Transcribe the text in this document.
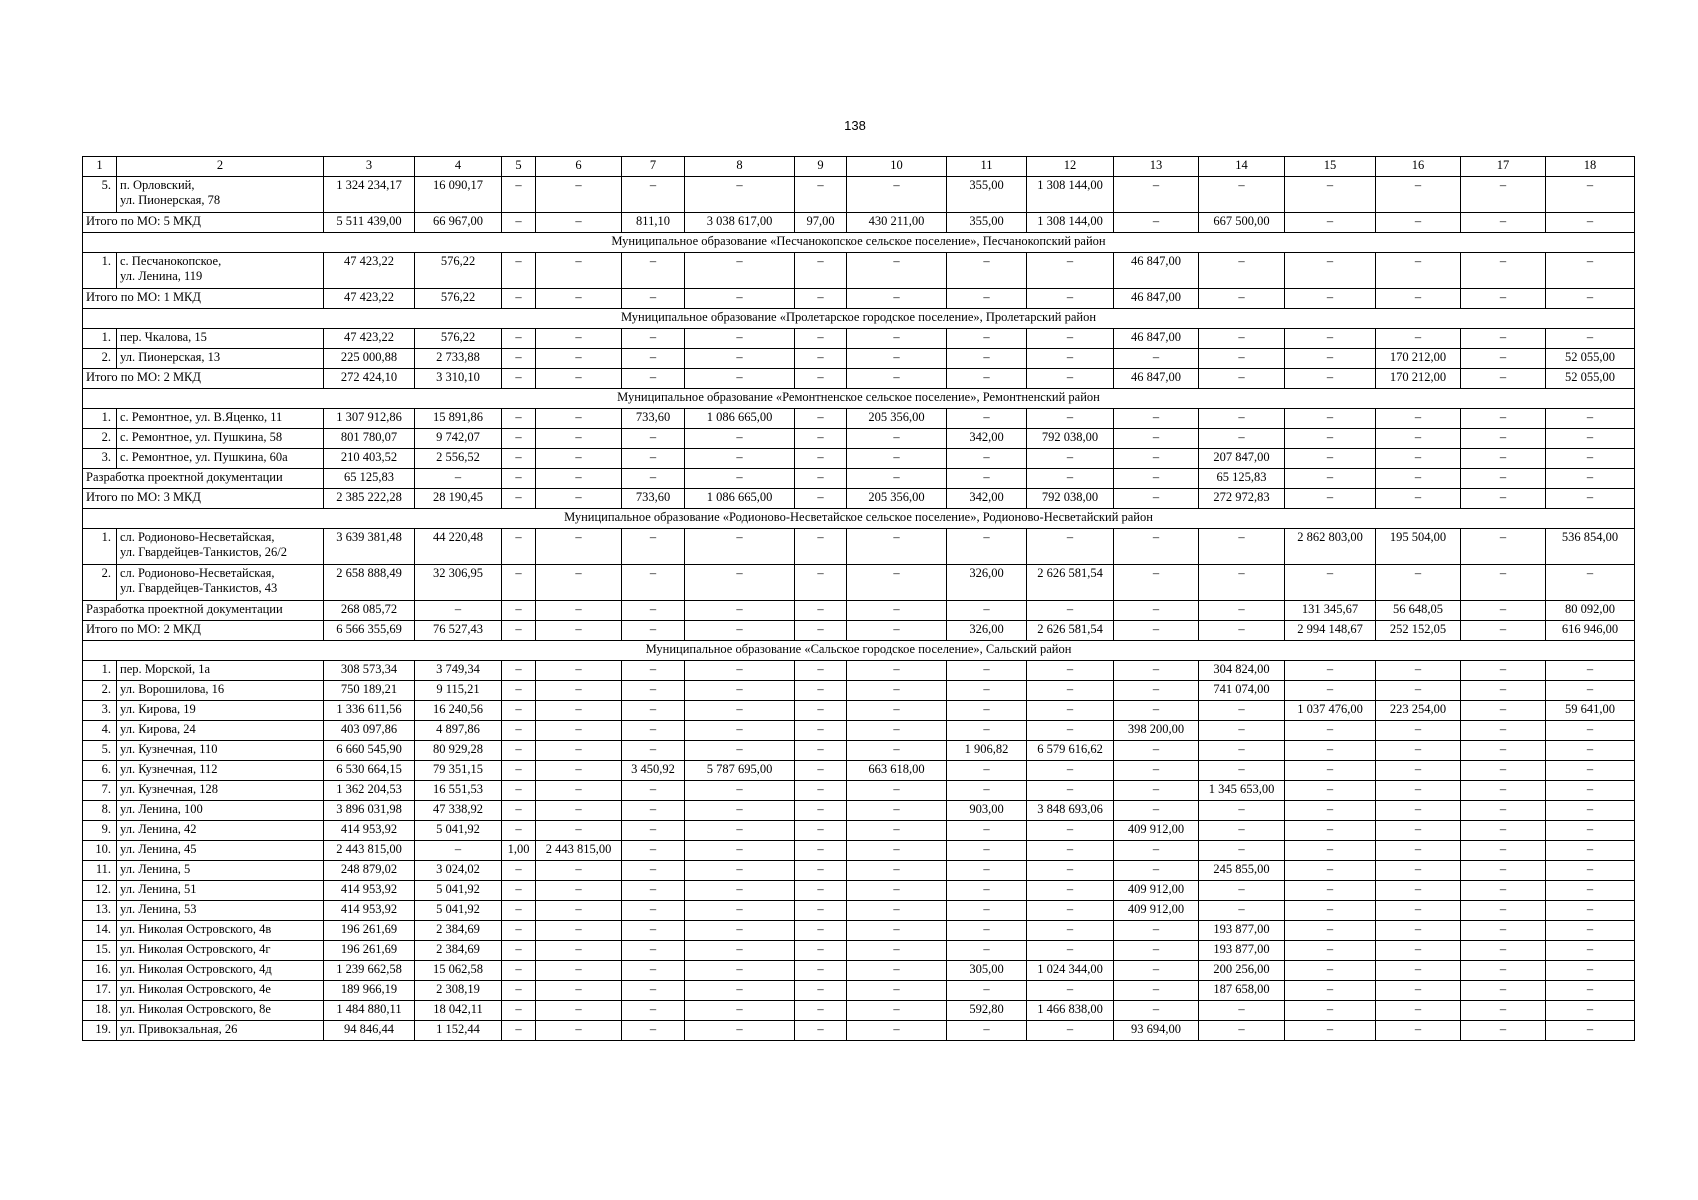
138
1	2	3	4	5	6	7	8	9	10	11	12	13	14	15	16	17	18
5.	п. Орловский,
ул. Пионерская, 78	1 324 234,17	16 090,17	–	–	–	–	–	–	355,00	1 308 144,00	–	–	–	–	–	–
Итого по МО: 5 МКД		5 511 439,00	66 967,00	–	–	811,10	3 038 617,00	97,00	430 211,00	355,00	1 308 144,00	–	667 500,00	–	–	–	–
Муниципальное образование «Песчанокопское сельское поселение», Песчанокопский район																	
1.	с. Песчанокопское,
ул. Ленина, 119	47 423,22	576,22	–	–	–	–	–	–	–	–	46 847,00	–	–	–	–	–
Итого по МО: 1 МКД		47 423,22	576,22	–	–	–	–	–	–	–	–	46 847,00	–	–	–	–	–
Муниципальное образование «Пролетарское городское поселение», Пролетарский район																	
1.	пер. Чкалова, 15	47 423,22	576,22	–	–	–	–	–	–	–	–	46 847,00	–	–	–	–	–
2.	ул. Пионерская, 13	225 000,88	2 733,88	–	–	–	–	–	–	–	–	–	–	–	170 212,00	–	52 055,00
Итого по МО: 2 МКД		272 424,10	3 310,10	–	–	–	–	–	–	–	–	46 847,00	–	–	170 212,00	–	52 055,00
Муниципальное образование «Ремонтненское сельское поселение», Ремонтненский район																	
1.	с. Ремонтное, ул. В.Яценко, 11	1 307 912,86	15 891,86	–	–	733,60	1 086 665,00	–	205 356,00	–	–	–	–	–	–	–	–
2.	с. Ремонтное, ул. Пушкина, 58	801 780,07	9 742,07	–	–	–	–	–	–	342,00	792 038,00	–	–	–	–	–	–
3.	с. Ремонтное, ул. Пушкина, 60а	210 403,52	2 556,52	–	–	–	–	–	–	–	–	–	207 847,00	–	–	–	–
Разработка проектной документации		65 125,83	–	–	–	–	–	–	–	–	–	–	65 125,83	–	–	–	–
Итого по МО: 3 МКД		2 385 222,28	28 190,45	–	–	733,60	1 086 665,00	–	205 356,00	342,00	792 038,00	–	272 972,83	–	–	–	–
Муниципальное образование «Родионово-Несветайское сельское поселение», Родионово-Несветайский район																	
1.	сл. Родионово-Несветайская,
ул. Гвардейцев-Танкистов, 26/2	3 639 381,48	44 220,48	–	–	–	–	–	–	–	–	–	–	2 862 803,00	195 504,00	–	536 854,00
2.	сл. Родионово-Несветайская,
ул. Гвардейцев-Танкистов, 43	2 658 888,49	32 306,95	–	–	–	–	–	–	326,00	2 626 581,54	–	–	–	–	–	–
Разработка проектной документации		268 085,72	–	–	–	–	–	–	–	–	–	–	–	131 345,67	56 648,05	–	80 092,00
Итого по МО: 2 МКД		6 566 355,69	76 527,43	–	–	–	–	–	–	326,00	2 626 581,54	–	–	2 994 148,67	252 152,05	–	616 946,00
Муниципальное образование «Сальское городское поселение», Сальский район																	
1.	пер. Морской, 1а	308 573,34	3 749,34	–	–	–	–	–	–	–	–	–	304 824,00	–	–	–	–
2.	ул. Ворошилова, 16	750 189,21	9 115,21	–	–	–	–	–	–	–	–	–	741 074,00	–	–	–	–
3.	ул. Кирова, 19	1 336 611,56	16 240,56	–	–	–	–	–	–	–	–	–	–	1 037 476,00	223 254,00	–	59 641,00
4.	ул. Кирова, 24	403 097,86	4 897,86	–	–	–	–	–	–	–	–	398 200,00	–	–	–	–	–
5.	ул. Кузнечная, 110	6 660 545,90	80 929,28	–	–	–	–	–	–	1 906,82	6 579 616,62	–	–	–	–	–	–
6.	ул. Кузнечная, 112	6 530 664,15	79 351,15	–	–	3 450,92	5 787 695,00	–	663 618,00	–	–	–	–	–	–	–	–
7.	ул. Кузнечная, 128	1 362 204,53	16 551,53	–	–	–	–	–	–	–	–	–	1 345 653,00	–	–	–	–
8.	ул. Ленина, 100	3 896 031,98	47 338,92	–	–	–	–	–	–	903,00	3 848 693,06	–	–	–	–	–	–
9.	ул. Ленина, 42	414 953,92	5 041,92	–	–	–	–	–	–	–	–	409 912,00	–	–	–	–	–
10.	ул. Ленина, 45	2 443 815,00	–	1,00	2 443 815,00	–	–	–	–	–	–	–	–	–	–	–	–
11.	ул. Ленина, 5	248 879,02	3 024,02	–	–	–	–	–	–	–	–	–	245 855,00	–	–	–	–
12.	ул. Ленина, 51	414 953,92	5 041,92	–	–	–	–	–	–	–	–	409 912,00	–	–	–	–	–
13.	ул. Ленина, 53	414 953,92	5 041,92	–	–	–	–	–	–	–	–	409 912,00	–	–	–	–	–
14.	ул. Николая Островского, 4в	196 261,69	2 384,69	–	–	–	–	–	–	–	–	–	193 877,00	–	–	–	–
15.	ул. Николая Островского, 4г	196 261,69	2 384,69	–	–	–	–	–	–	–	–	–	193 877,00	–	–	–	–
16.	ул. Николая Островского, 4д	1 239 662,58	15 062,58	–	–	–	–	–	–	305,00	1 024 344,00	–	200 256,00	–	–	–	–
17.	ул. Николая Островского, 4е	189 966,19	2 308,19	–	–	–	–	–	–	–	–	–	187 658,00	–	–	–	–
18.	ул. Николая Островского, 8е	1 484 880,11	18 042,11	–	–	–	–	–	–	592,80	1 466 838,00	–	–	–	–	–	–
19.	ул. Привокзальная, 26	94 846,44	1 152,44	–	–	–	–	–	–	–	–	93 694,00	–	–	–	–	–
